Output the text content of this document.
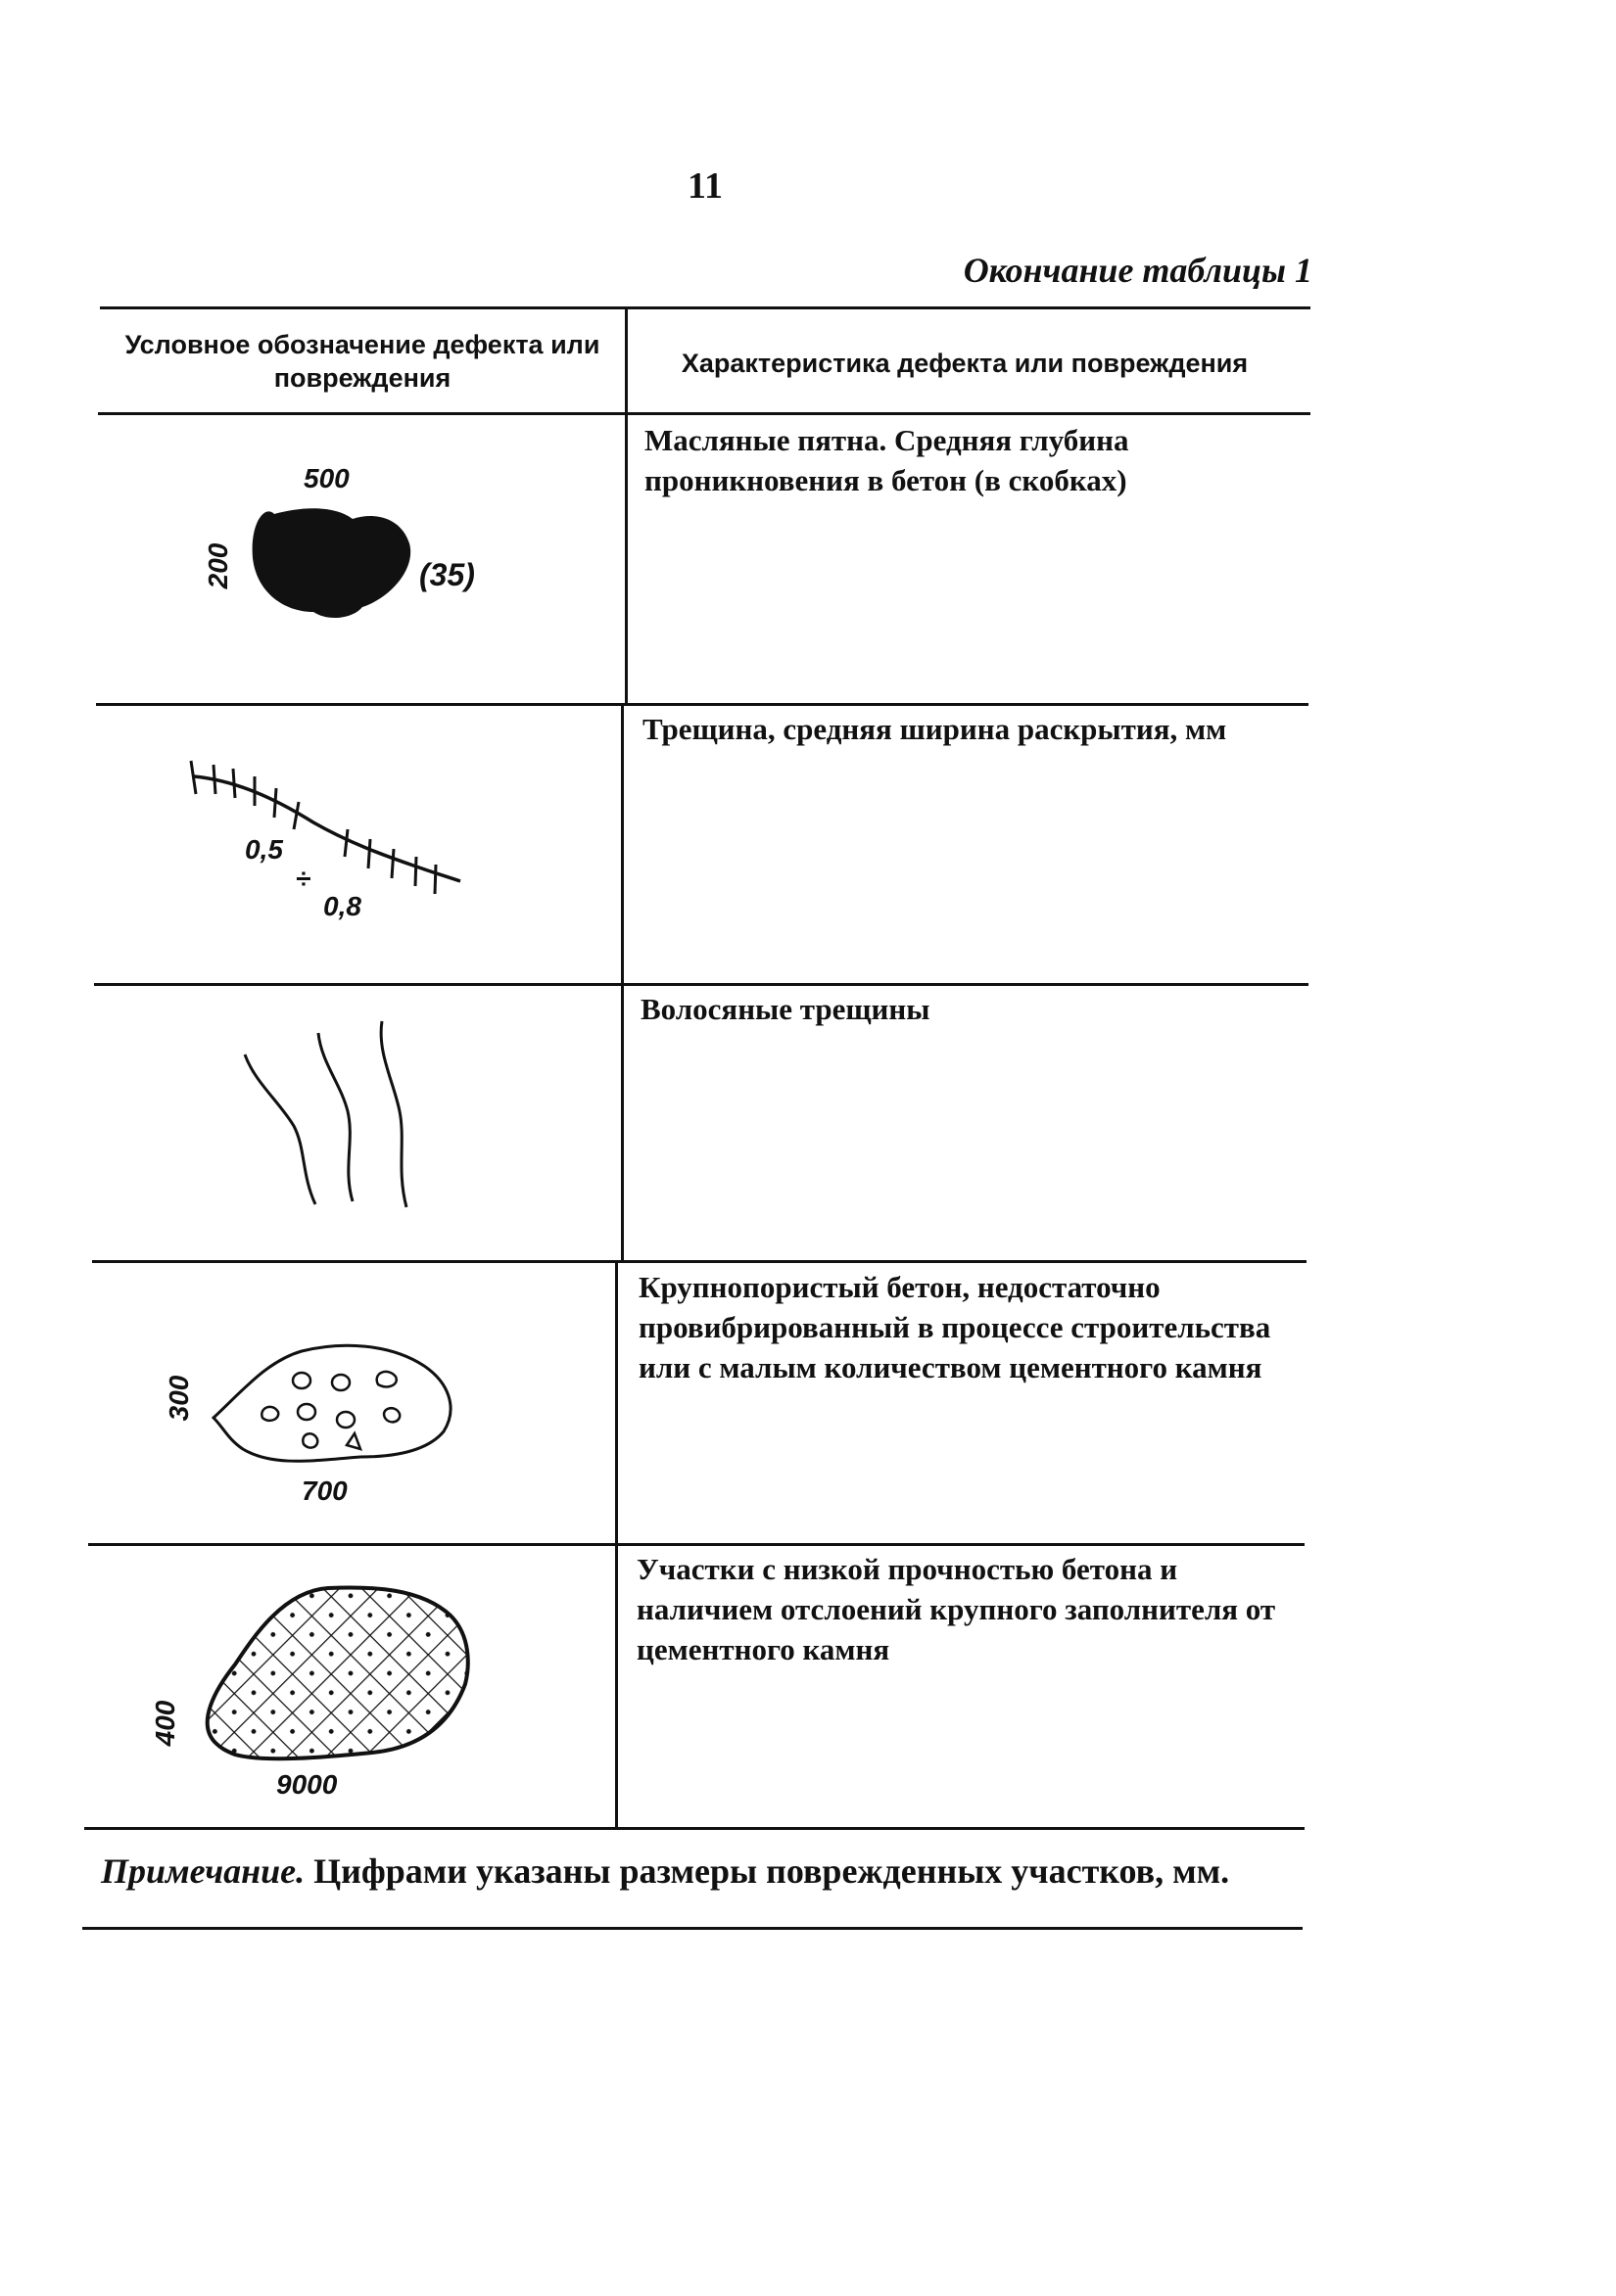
11
Окончание таблицы 1
Условное обозначение дефекта или повреждения	Характеристика дефекта или повреждения
500
200	(35)
Масляные пятна. Средняя глубина проникновения в бетон (в скобках)
0,5
÷
0,8
Трещина, средняя ширина раскрытия, мм
Волосяные трещины
300
700
Крупнопористый бетон, недостаточно провибрированный в процессе строительства или с малым количеством цементного камня
400
9000
Участки с низкой прочностью бетона и наличием отслоений крупного заполнителя от цементного камня
Примечание. Цифрами указаны размеры поврежденных участков, мм.
